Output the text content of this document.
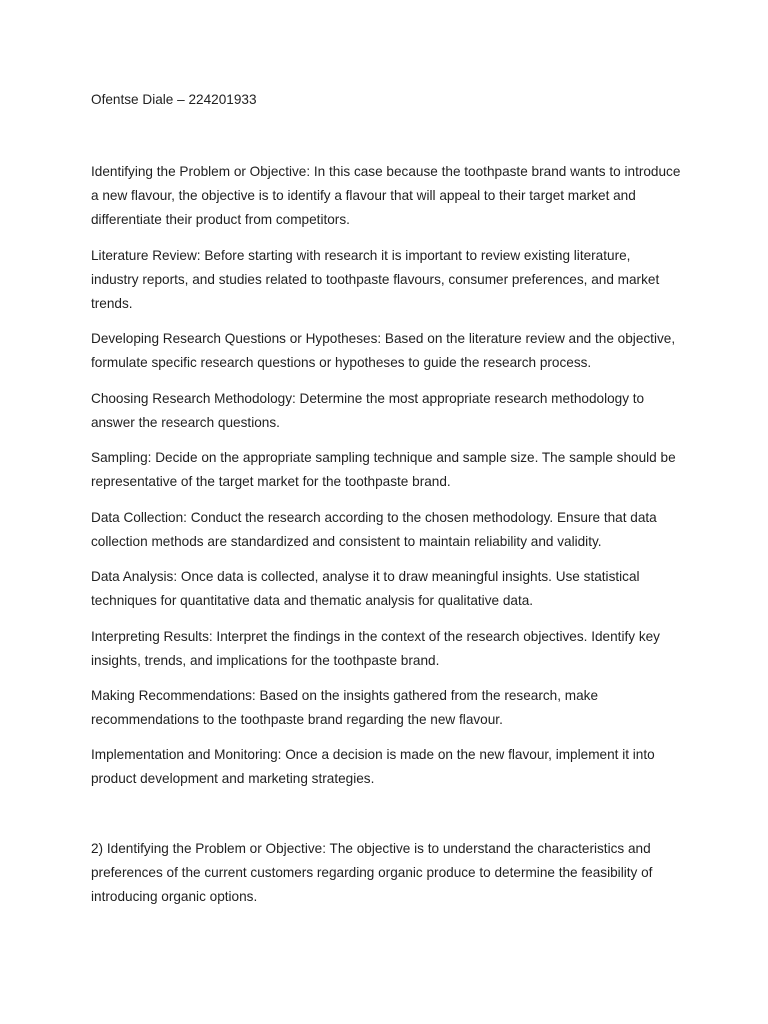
Ofentse Diale – 224201933
Identifying the Problem or Objective: In this case because the toothpaste brand wants to introduce a new flavour, the objective is to identify a flavour that will appeal to their target market and differentiate their product from competitors.
Literature Review: Before starting with research it is important to review existing literature, industry reports, and studies related to toothpaste flavours, consumer preferences, and market trends.
Developing Research Questions or Hypotheses: Based on the literature review and the objective, formulate specific research questions or hypotheses to guide the research process.
Choosing Research Methodology: Determine the most appropriate research methodology to answer the research questions.
Sampling: Decide on the appropriate sampling technique and sample size. The sample should be representative of the target market for the toothpaste brand.
Data Collection: Conduct the research according to the chosen methodology. Ensure that data collection methods are standardized and consistent to maintain reliability and validity.
Data Analysis: Once data is collected, analyse it to draw meaningful insights. Use statistical techniques for quantitative data and thematic analysis for qualitative data.
Interpreting Results: Interpret the findings in the context of the research objectives. Identify key insights, trends, and implications for the toothpaste brand.
Making Recommendations: Based on the insights gathered from the research, make recommendations to the toothpaste brand regarding the new flavour.
Implementation and Monitoring: Once a decision is made on the new flavour, implement it into product development and marketing strategies.
2) Identifying the Problem or Objective: The objective is to understand the characteristics and preferences of the current customers regarding organic produce to determine the feasibility of introducing organic options.
